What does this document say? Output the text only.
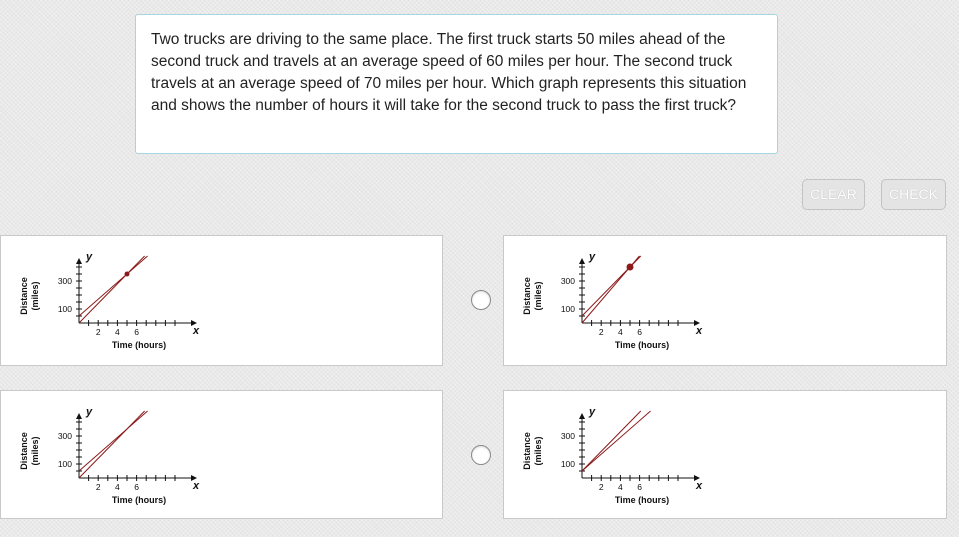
Two trucks are driving to the same place. The first truck starts 50 miles ahead of the second truck and travels at an average speed of 60 miles per hour. The second truck travels at an average speed of 70 miles per hour. Which graph represents this situation and shows the number of hours it will take for the second truck to pass the first truck?
CLEAR	CHECK
2 4 6
100
300
Time (hours)
x
y
Distance (miles)
2 4 6
100
300
Time (hours)
x
y
Distance (miles)
2 4 6
100
300
Time (hours)
x
y
Distance (miles)
2 4 6
100
300
Time (hours)
x
y
Distance (miles)
